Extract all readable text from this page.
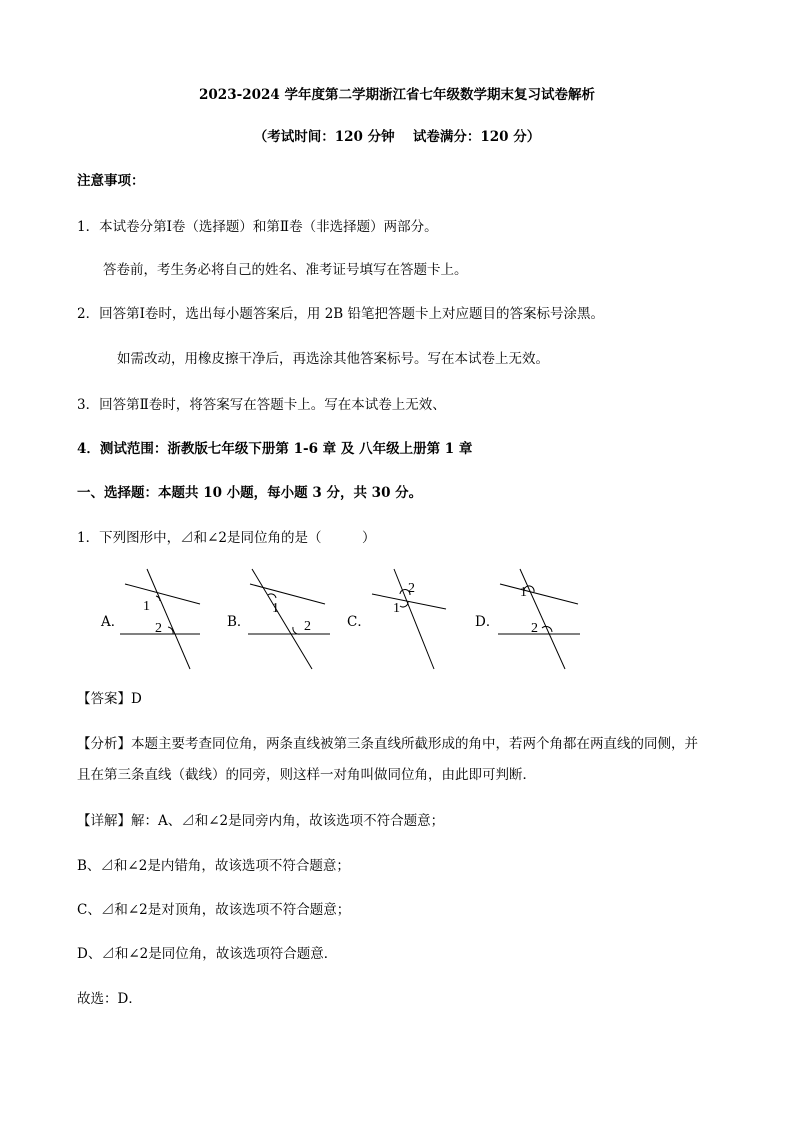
2023-2024 学年度第二学期浙江省七年级数学期末复习试卷解析
（考试时间：120 分钟　 试卷满分：120 分）
注意事项：
1．本试卷分第Ⅰ卷（选择题）和第Ⅱ卷（非选择题）两部分。
答卷前，考生务必将自己的姓名、准考证号填写在答题卡上。
2．回答第Ⅰ卷时，选出每小题答案后，用 2B 铅笔把答题卡上对应题目的答案标号涂黑。
如需改动，用橡皮擦干净后，再选涂其他答案标号。写在本试卷上无效。
3．回答第Ⅱ卷时，将答案写在答题卡上。写在本试卷上无效、
4．测试范围：浙教版七年级下册第 1-6 章 及 八年级上册第 1 章
一、选择题：本题共 10 小题，每小题 3 分，共 30 分。
1．下列图形中，⊿和∠2是同位角的是（　　　）
A．
1
2	B．
1
2	C．
2
1
D．
1
2
【答案】D
【分析】本题主要考查同位角，两条直线被第三条直线所截形成的角中，若两个角都在两直线的同侧，并
且在第三条直线（截线）的同旁，则这样一对角叫做同位角，由此即可判断．
【详解】解：A、⊿和∠2是同旁内角，故该选项不符合题意；
B、⊿和∠2是内错角，故该选项不符合题意；
C、⊿和∠2是对顶角，故该选项不符合题意；
D、⊿和∠2是同位角，故该选项符合题意．
故选：D．
